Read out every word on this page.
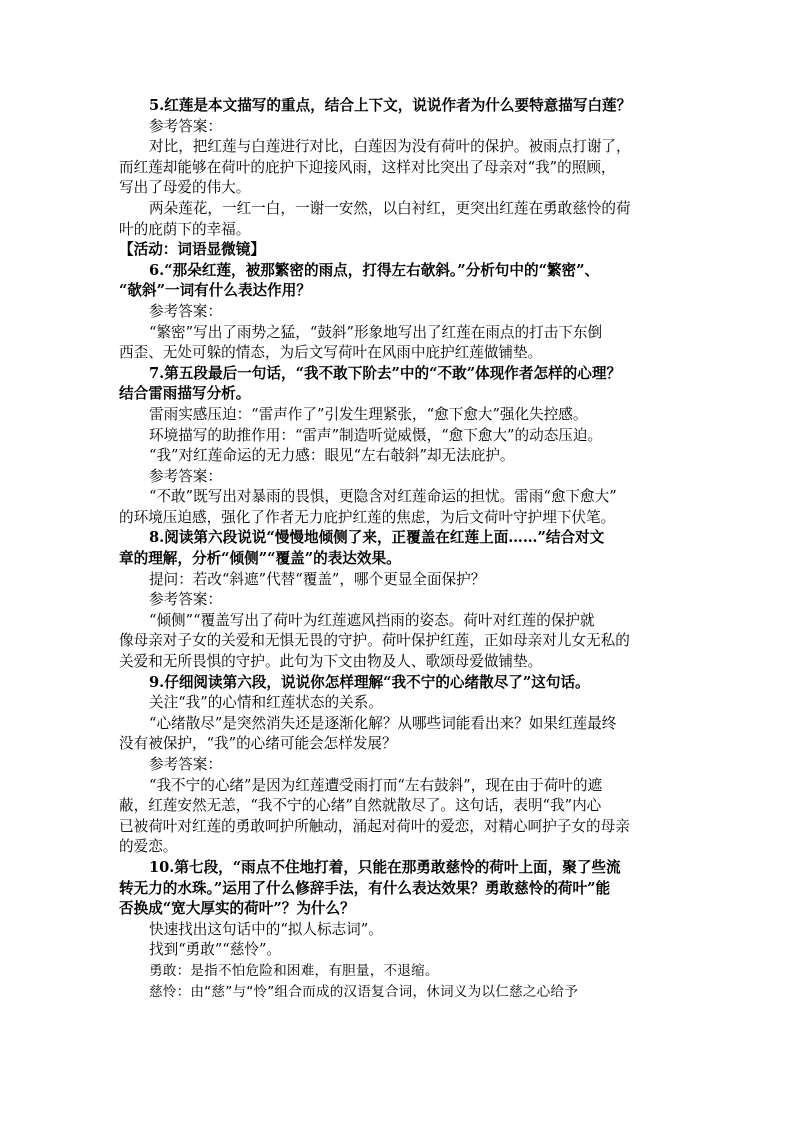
5.红莲是本文描写的重点，结合上下文，说说作者为什么要特意描写白莲？
参考答案：
对比，把红莲与白莲进行对比，白莲因为没有荷叶的保护。被雨点打谢了，
而红莲却能够在荷叶的庇护下迎接风雨，这样对比突出了母亲对“我”的照顾，
写出了母爱的伟大。
两朵莲花，一红一白，一谢一安然，以白衬红，更突出红莲在勇敢慈怜的荷
叶的庇荫下的幸福。
【活动：词语显微镜】
6.“那朵红莲，被那繁密的雨点，打得左右欹斜。”分析句中的“繁密”、
“欹斜”一词有什么表达作用？
参考答案：
“繁密”写出了雨势之猛，“鼓斜”形象地写出了红莲在雨点的打击下东倒
西歪、无处可躲的情态，为后文写荷叶在风雨中庇护红莲做铺垫。
7.第五段最后一句话，“我不敢下阶去”中的“不敢”体现作者怎样的心理？
结合雷雨描写分析。
雷雨实感压迫：“雷声作了”引发生理紧张，“愈下愈大”强化失控感。
环境描写的助推作用：“雷声”制造听觉威慑，“愈下愈大”的动态压迫。
“我”对红莲命运的无力感：眼见“左右攲斜”却无法庇护。
参考答案：
“不敢”既写出对暴雨的畏惧，更隐含对红莲命运的担忧。雷雨“愈下愈大”
的环境压迫感，强化了作者无力庇护红莲的焦虑，为后文荷叶守护埋下伏笔。
8.阅读第六段说说“慢慢地倾侧了来，正覆盖在红莲上面……”结合对文
章的理解，分析“倾侧”“覆盖”的表达效果。
提问：若改“斜遮”代替“覆盖”，哪个更显全面保护？
参考答案：
“倾侧”“覆盖写出了荷叶为红莲遮风挡雨的姿态。荷叶对红莲的保护就
像母亲对子女的关爱和无惧无畏的守护。荷叶保护红莲，正如母亲对儿女无私的
关爱和无所畏惧的守护。此句为下文由物及人、歌颂母爱做铺垫。
9.仔细阅读第六段，说说你怎样理解“我不宁的心绪散尽了”这句话。
关注“我”的心情和红莲状态的关系。
“心绪散尽”是突然消失还是逐渐化解？从哪些词能看出来？如果红莲最终
没有被保护，“我”的心绪可能会怎样发展？
参考答案：
“我不宁的心绪”是因为红莲遭受雨打而“左右鼓斜”，现在由于荷叶的遮
蔽，红莲安然无恙，“我不宁的心绪”自然就散尽了。这句话，表明“我”内心
已被荷叶对红莲的勇敢呵护所触动，涌起对荷叶的爱恋，对精心呵护子女的母亲
的爱恋。
10.第七段，“雨点不住地打着，只能在那勇敢慈怜的荷叶上面，聚了些流
转无力的水珠。”运用了什么修辞手法，有什么表达效果？勇敢慈怜的荷叶”能
否换成“宽大厚实的荷叶”？为什么？
快速找出这句话中的“拟人标志词”。
找到“勇敢”“慈怜”。
勇敢：是指不怕危险和困难，有胆量，不退缩。
慈怜：由“慈”与“怜”组合而成的汉语复合词，休词义为以仁慈之心给予
